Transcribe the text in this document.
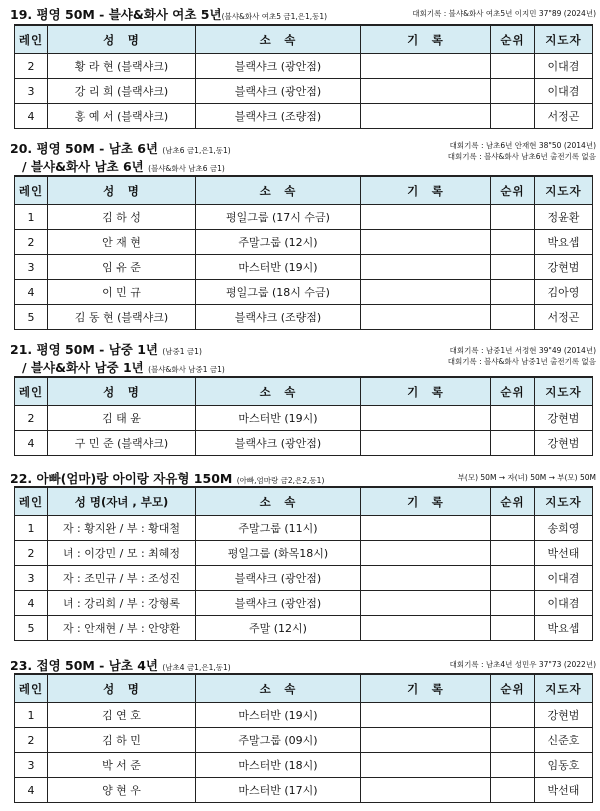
19. 평영 50M - 블샤&화사 여초 5년(블샤&화사 여초5 금1,은1,동1)	대회기록 : 블샤&화사 여초5년 이지민 37"89 (2024년)
레인	성　명	소　속	기　록	순위	지도자
2	황 라 현 (블랙샤크)	블랙샤크 (광안점)			이대겸
3	강 리 희 (블랙샤크)	블랙샤크 (광안점)			이대겸
4	홍 예 서 (블랙샤크)	블랙샤크 (조량점)			서정곤
20. 평영 50M - 남초 6년 (남초6 금1,은1,동1)
/ 블샤&화사 남초 6년 (블샤&화사 남초6 금1)
대회기록 : 남초6년 안재현 38"50 (2014년)
대회기록 : 블샤&화사 남초6년 출전기록 없음
레인	성　명	소　속	기　록	순위	지도자
1	김 하 성	평일그룹 (17시 수금)			정윤환
2	안 재 현	주말그룹 (12시)			박요셉
3	임 유 준	마스터반 (19시)			강현범
4	이 민 규	평일그룹 (18시 수금)			김아영
5	김 동 현 (블랙샤크)	블랙샤크 (조량점)			서정곤
21. 평영 50M - 남중 1년 (남중1 금1)
/ 블샤&화사 남중 1년 (블샤&화사 남중1 금1)
대회기록 : 남중1년 서정현 39"49 (2014년)
대회기록 : 블샤&화사 남중1년 출전기록 없음
레인	성　명	소　속	기　록	순위	지도자
2	김 태 윤	마스터반 (19시)			강현범
4	구 민 준 (블랙샤크)	블랙샤크 (광안점)			강현범
22. 아빠(엄마)랑 아이랑 자유형 150M (아빠,엄마랑 금2,은2,동1)	부(모) 50M → 자(녀) 50M → 부(모) 50M
레인	성 명(자녀 , 부모)	소　속	기　록	순위	지도자
1	자 : 황지완 / 부 : 황대철	주말그룹 (11시)			송희영
2	녀 : 이강민 / 모 : 최혜정	평일그룹 (화목18시)			박선태
3	자 : 조민규 / 부 : 조성진	블랙샤크 (광안점)			이대겸
4	녀 : 강리희 / 부 : 강형록	블랙샤크 (광안점)			이대겸
5	자 : 안재현 / 부 : 안양환	주말 (12시)			박요셉
23. 접영 50M - 남초 4년 (남초4 금1,은1,동1)	대회기록 : 남초4년 성민우 37"73 (2022년)
레인	성　명	소　속	기　록	순위	지도자
1	김 연 호	마스터반 (19시)			강현범
2	김 하 민	주말그룹 (09시)			신준호
3	박 서 준	마스터반 (18시)			임동호
4	양 현 우	마스터반 (17시)			박선태
